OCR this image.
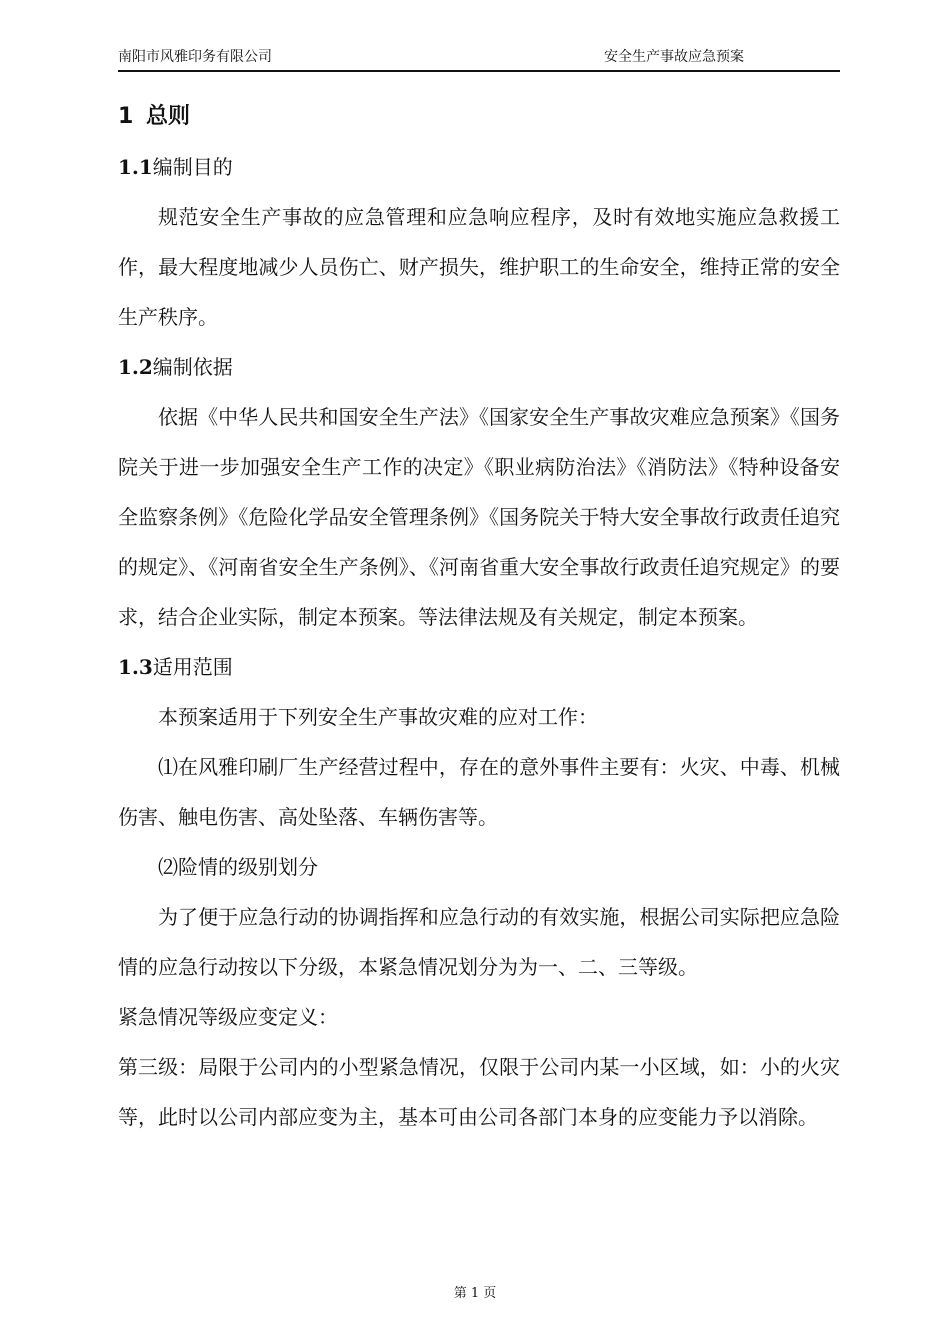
南阳市风雅印务有限公司	安全生产事故应急预案
1 总则
1.1编制目的
规范安全生产事故的应急管理和应急响应程序，及时有效地实施应急救援工作，最大程度地减少人员伤亡、财产损失，维护职工的生命安全，维持正常的安全生产秩序。
1.2编制依据
依据《中华人民共和国安全生产法》《国家安全生产事故灾难应急预案》《国务院关于进一步加强安全生产工作的决定》《职业病防治法》《消防法》《特种设备安全监察条例》《危险化学品安全管理条例》《国务院关于特大安全事故行政责任追究的规定》、《河南省安全生产条例》、《河南省重大安全事故行政责任追究规定》的要求，结合企业实际，制定本预案。等法律法规及有关规定，制定本预案。
1.3适用范围
本预案适用于下列安全生产事故灾难的应对工作：
⑴在风雅印刷厂生产经营过程中，存在的意外事件主要有：火灾、中毒、机械伤害、触电伤害、高处坠落、车辆伤害等。
⑵险情的级别划分
为了便于应急行动的协调指挥和应急行动的有效实施，根据公司实际把应急险情的应急行动按以下分级，本紧急情况划分为为一、二、三等级。
紧急情况等级应变定义：
第三级：局限于公司内的小型紧急情况，仅限于公司内某一小区域，如：小的火灾等，此时以公司内部应变为主，基本可由公司各部门本身的应变能力予以消除。
第 1 页
